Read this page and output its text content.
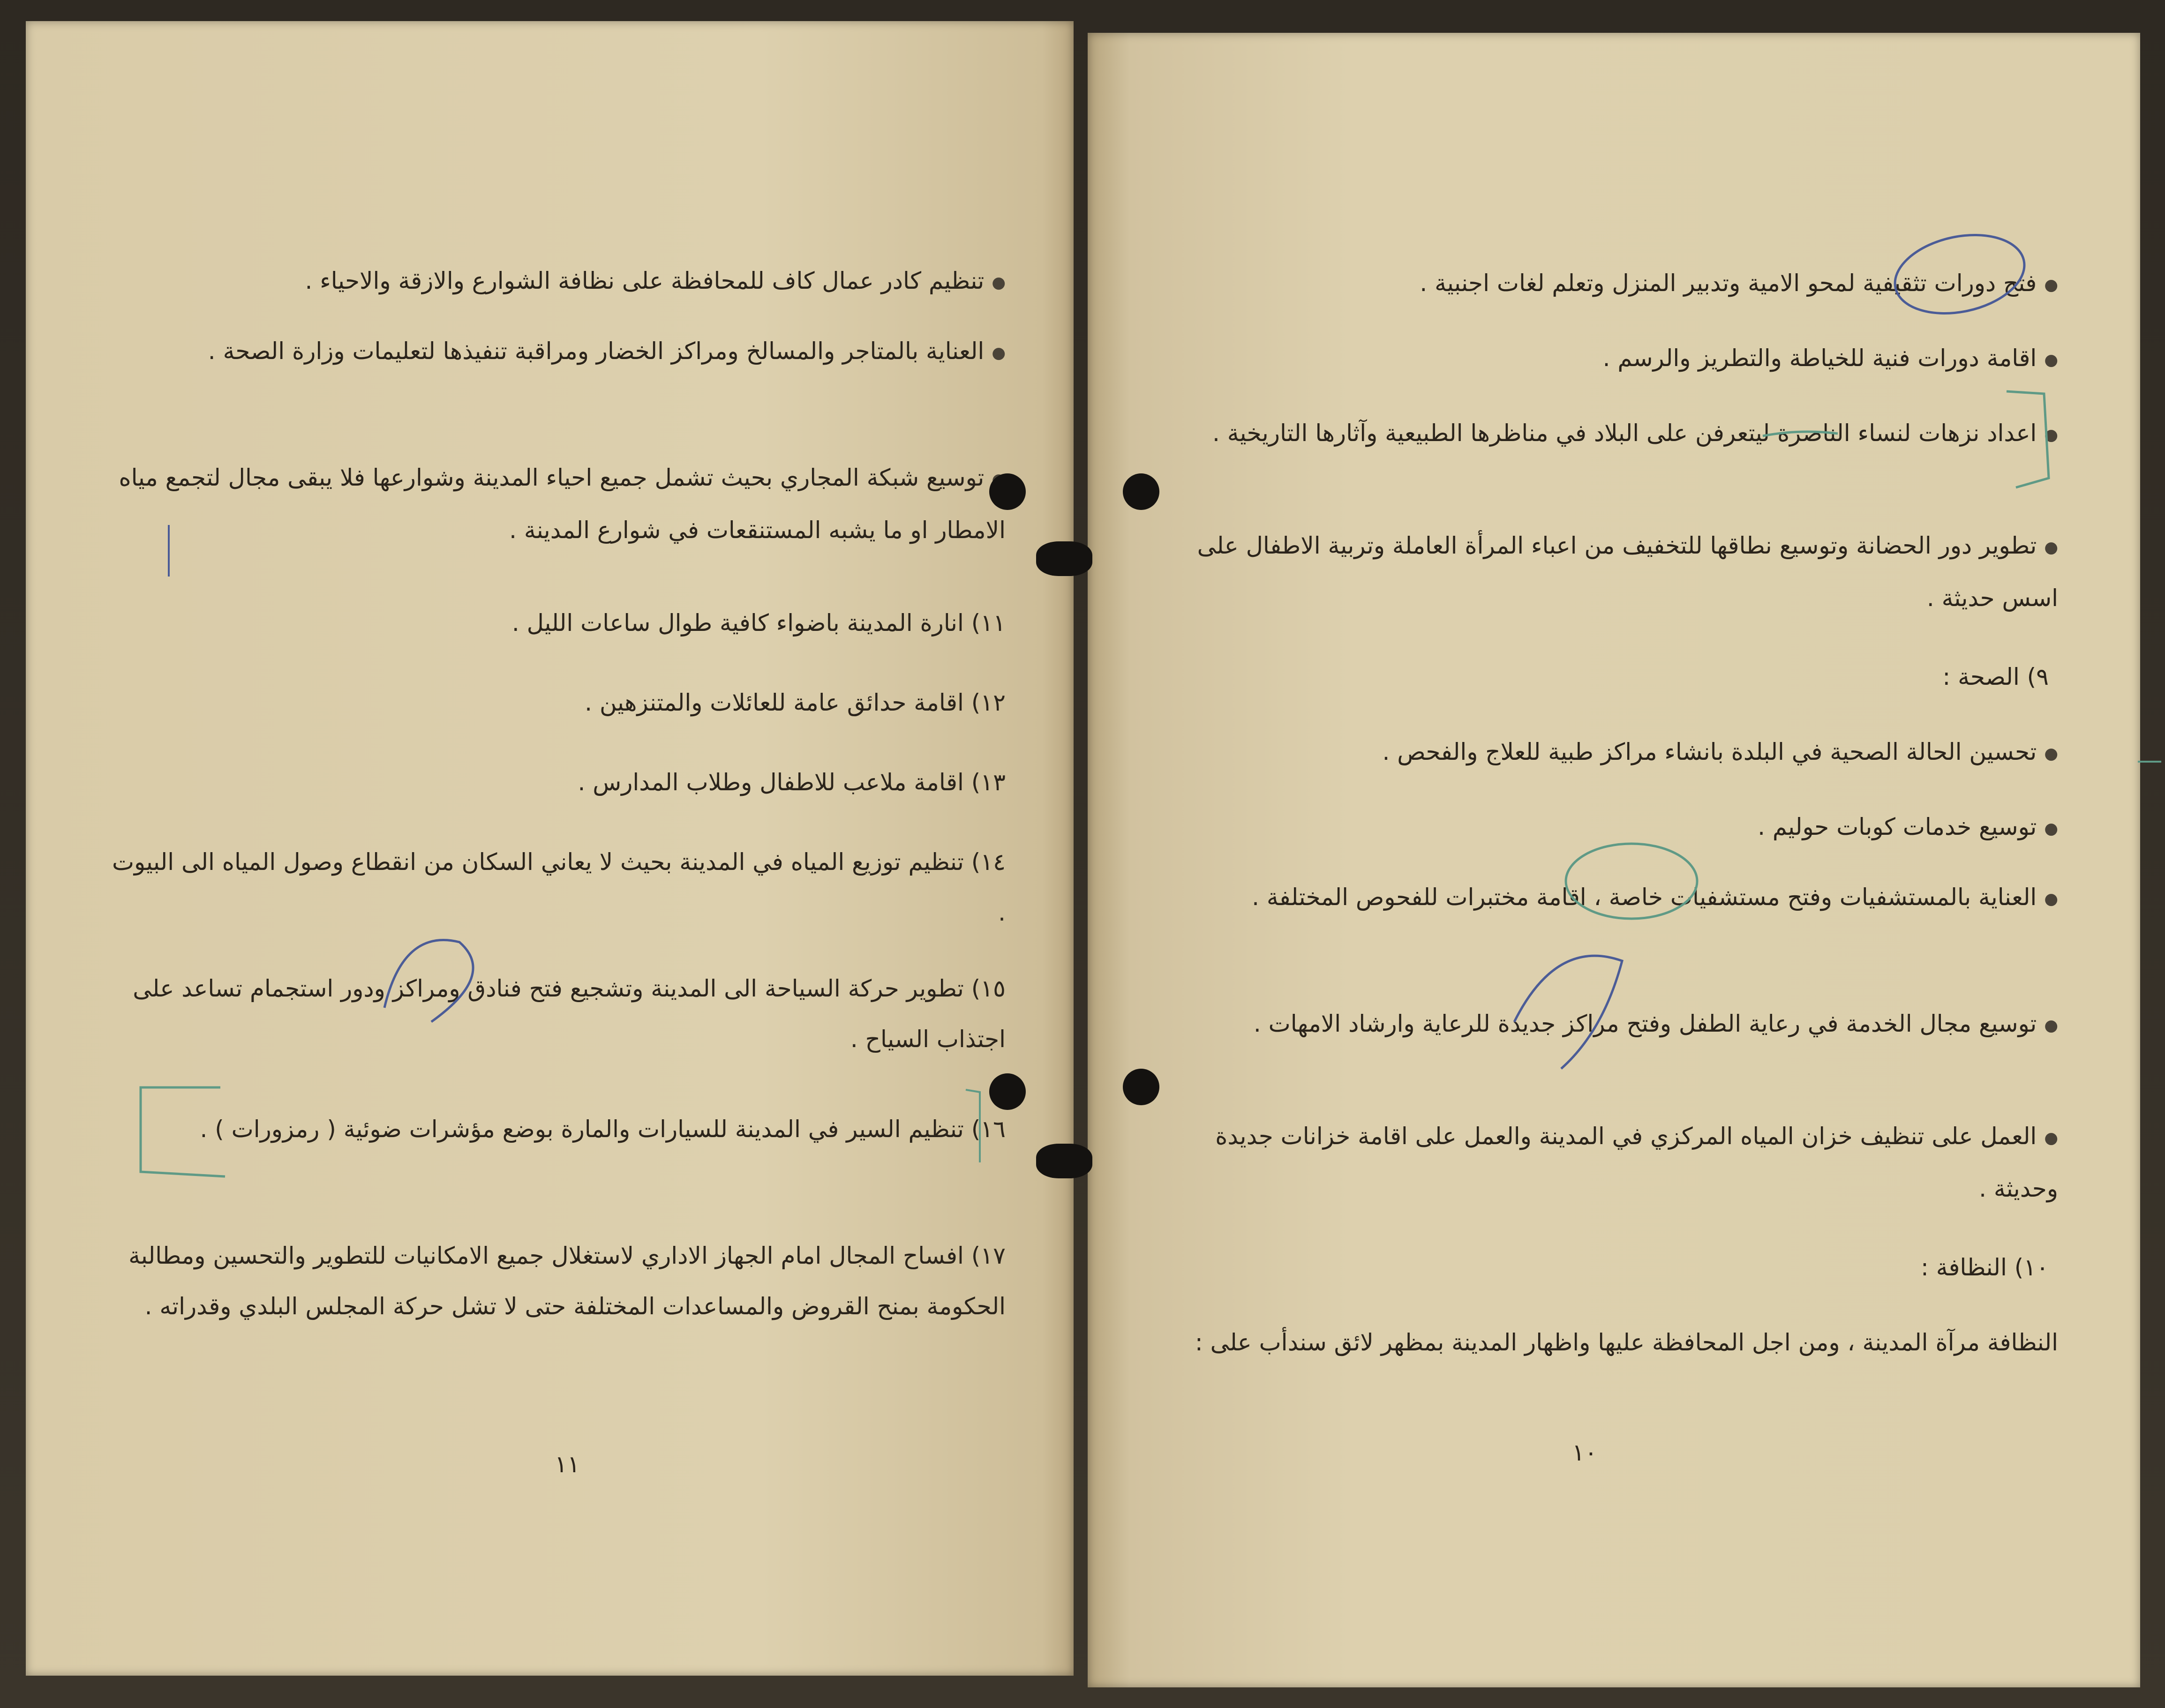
● تنظيم كادر عمال كاف للمحافظة على نظافة الشوارع والازقة والاحياء .
● العناية بالمتاجر والمسالخ ومراكز الخضار ومراقبة تنفيذها لتعليمات وزارة الصحة .
● توسيع شبكة المجاري بحيث تشمل جميع احياء المدينة وشوارعها فلا يبقى مجال لتجمع مياه الامطار او ما يشبه المستنقعات في شوارع المدينة .
١١) انارة المدينة باضواء كافية طوال ساعات الليل .
١٢) اقامة حدائق عامة للعائلات والمتنزهين .
١٣) اقامة ملاعب للاطفال وطلاب المدارس .
١٤) تنظيم توزيع المياه في المدينة بحيث لا يعاني السكان من انقطاع وصول المياه الى البيوت .
١٥) تطوير حركة السياحة الى المدينة وتشجيع فتح فنادق ومراكز ودور استجمام تساعد على اجتذاب السياح .
١٦) تنظيم السير في المدينة للسيارات والمارة بوضع مؤشرات ضوئية ( رمزورات ) .
١٧) افساح المجال امام الجهاز الاداري لاستغلال جميع الامكانيات للتطوير والتحسين ومطالبة الحكومة بمنح القروض والمساعدات المختلفة حتى لا تشل حركة المجلس البلدي وقدراته .
١١
● فتح دورات تثقيفية لمحو الامية وتدبير المنزل وتعلم لغات اجنبية .
● اقامة دورات فنية للخياطة والتطريز والرسم .
● اعداد نزهات لنساء الناصرة ليتعرفن على البلاد في مناظرها الطبيعية وآثارها التاريخية .
● تطوير دور الحضانة وتوسيع نطاقها للتخفيف من اعباء المرأة العاملة وتربية الاطفال على اسس حديثة .
٩) الصحة :
● تحسين الحالة الصحية في البلدة بانشاء مراكز طبية للعلاج والفحص .
● توسيع خدمات كوبات حوليم .
● العناية بالمستشفيات وفتح مستشفيات خاصة ، اقامة مختبرات للفحوص المختلفة .
● توسيع مجال الخدمة في رعاية الطفل وفتح مراكز جديدة للرعاية وارشاد الامهات .
● العمل على تنظيف خزان المياه المركزي في المدينة والعمل على اقامة خزانات جديدة وحديثة .
١٠) النظافة :
النظافة مرآة المدينة ، ومن اجل المحافظة عليها واظهار المدينة بمظهر لائق سندأب على :
١٠
